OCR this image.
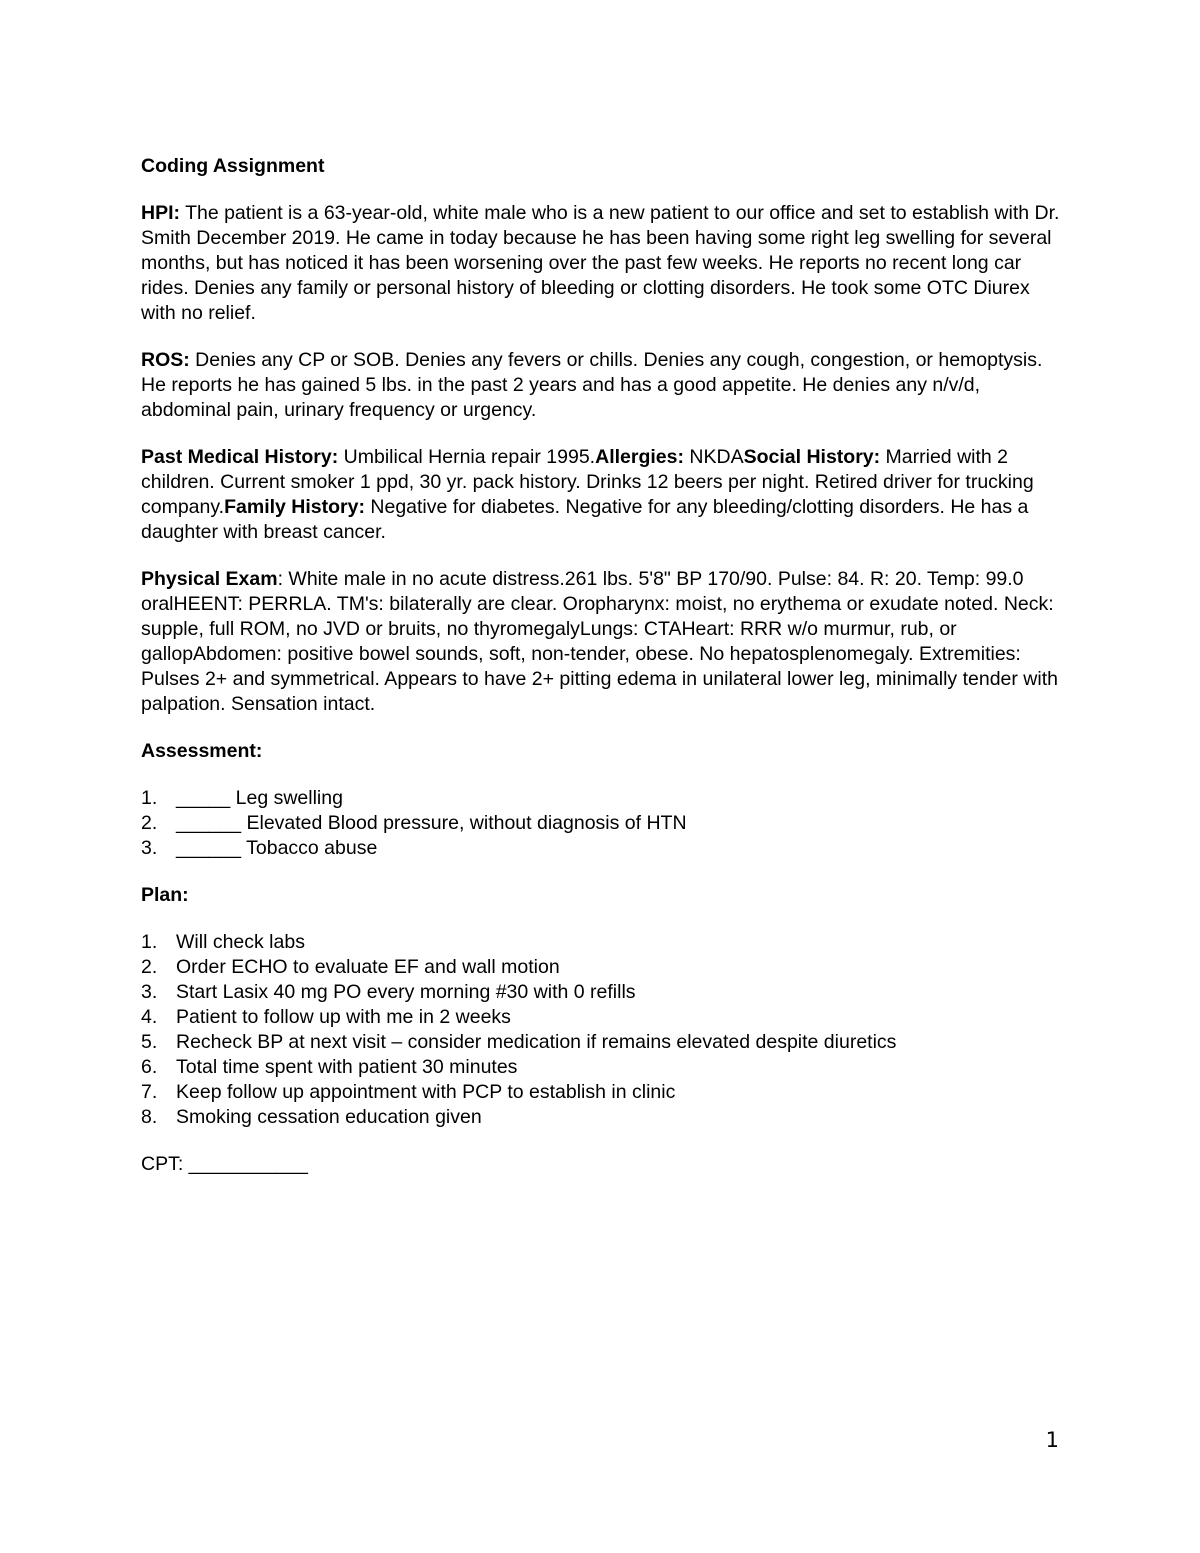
Coding Assignment

HPI: The patient is a 63-year-old, white male who is a new patient to our office and set to establish with Dr. Smith December 2019. He came in today because he has been having some right leg swelling for several months, but has noticed it has been worsening over the past few weeks. He reports no recent long car rides. Denies any family or personal history of bleeding or clotting disorders. He took some OTC Diurex with no relief.

ROS: Denies any CP or SOB. Denies any fevers or chills. Denies any cough, congestion, or hemoptysis. He reports he has gained 5 lbs. in the past 2 years and has a good appetite. He denies any n/v/d, abdominal pain, urinary frequency or urgency.

Past Medical History: Umbilical Hernia repair 1995.Allergies: NKDASocial History: Married with 2 children. Current smoker 1 ppd, 30 yr. pack history. Drinks 12 beers per night. Retired driver for trucking company.Family History: Negative for diabetes. Negative for any bleeding/clotting disorders. He has a daughter with breast cancer.

Physical Exam: White male in no acute distress.261 lbs. 5'8" BP 170/90. Pulse: 84. R: 20. Temp: 99.0 oralHEENT: PERRLA. TM's: bilaterally are clear. Oropharynx: moist, no erythema or exudate noted. Neck: supple, full ROM, no JVD or bruits, no thyromegalyLungs: CTAHeart: RRR w/o murmur, rub, or gallopAbdomen: positive bowel sounds, soft, non-tender, obese. No hepatosplenomegaly. Extremities: Pulses 2+ and symmetrical. Appears to have 2+ pitting edema in unilateral lower leg, minimally tender with palpation. Sensation intact.

Assessment:
1. _____ Leg swelling
2. ______ Elevated Blood pressure, without diagnosis of HTN
3. ______ Tobacco abuse
Plan:
1. Will check labs
2. Order ECHO to evaluate EF and wall motion
3. Start Lasix 40 mg PO every morning #30 with 0 refills
4. Patient to follow up with me in 2 weeks
5. Recheck BP at next visit – consider medication if remains elevated despite diuretics
6. Total time spent with patient 30 minutes
7. Keep follow up appointment with PCP to establish in clinic
8. Smoking cessation education given

CPT: ___________

1
